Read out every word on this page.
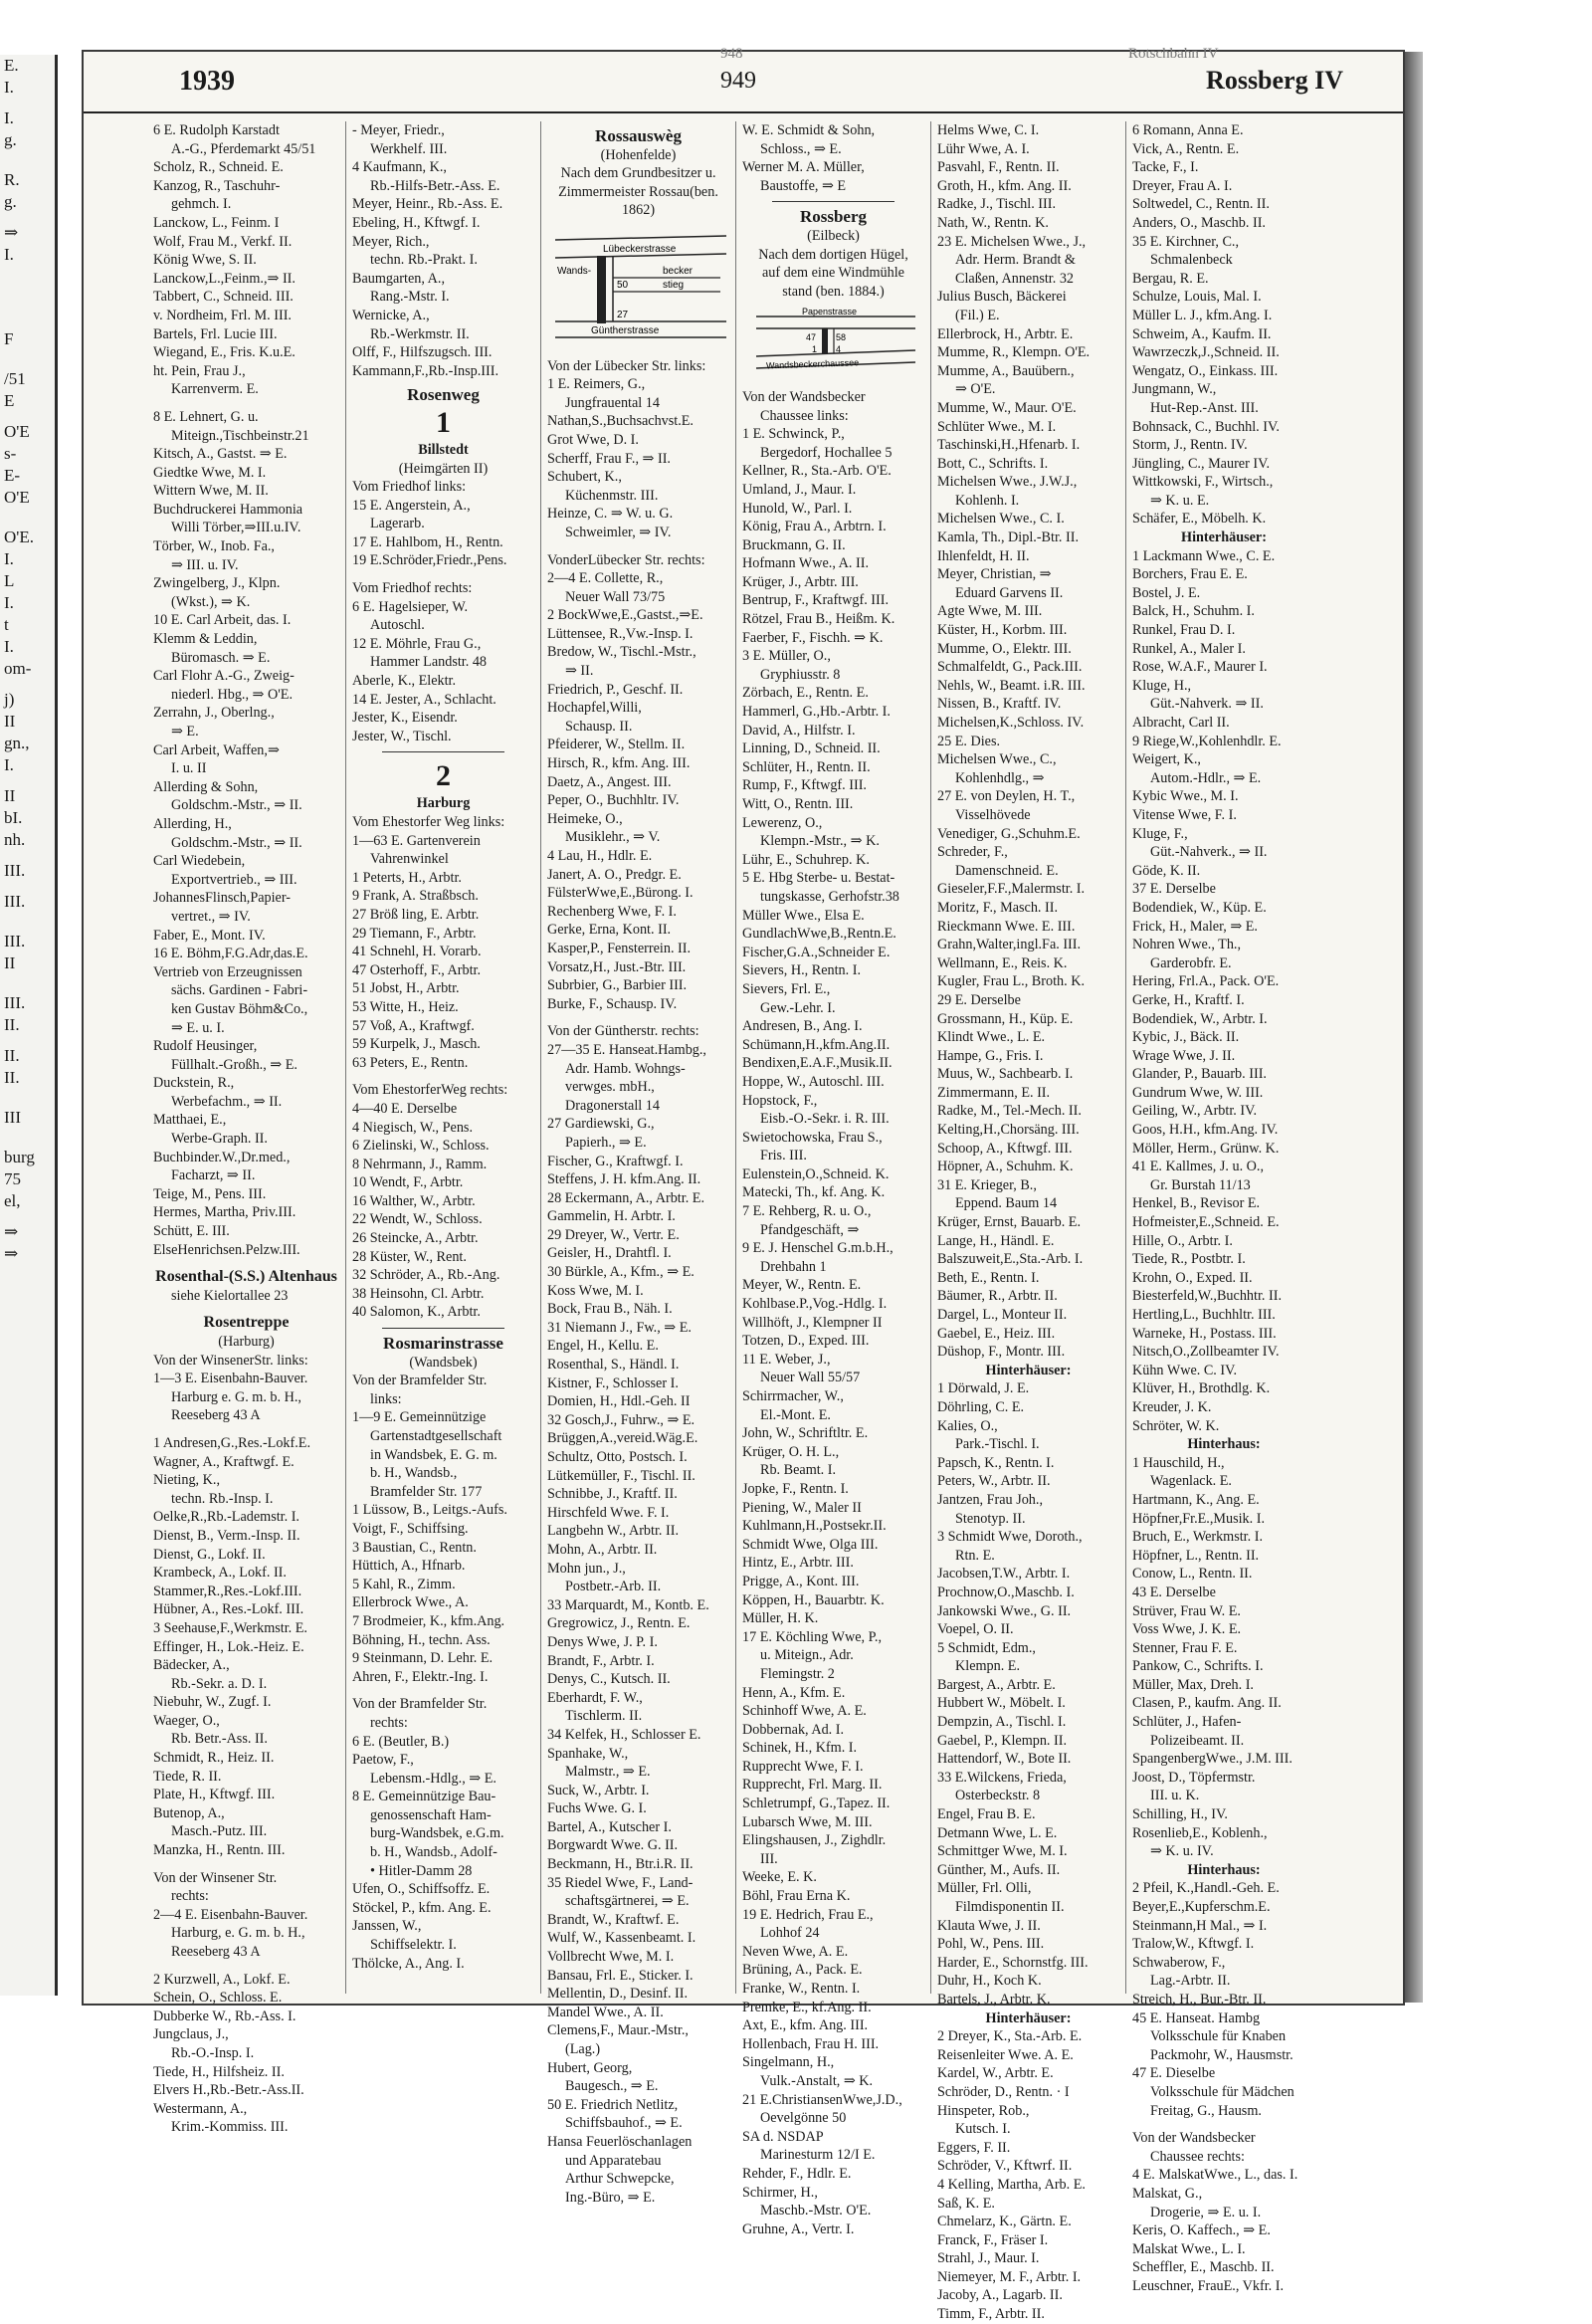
E.
I.
I.
g.
R.
g.
⇒
I.
F
/51
E
O'E
s-
E-
O'E
O'E.
I.
L
I.
t
I.
om-
j)
II
gn.,
I.
II
bI.
nh.
III.
III.
III.
II
III.
II.
II.
II.
III
burg
75
el,
⇒
⇒
948	Rotschbahn IV
1939	949	Rossberg IV
6 E. Rudolph Karstadt
A.-G., Pferdemarkt 45/51
Scholz, R., Schneid. E.
Kanzog, R., Taschuhr-
gehmch. I.
Lanckow, L., Feinm. I
Wolf, Frau M., Verkf. II.
König Wwe, S. II.
Lanckow,L.,Feinm.,⇒ II.
Tabbert, C., Schneid. III.
v. Nordheim, Frl. M. III.
Bartels, Frl. Lucie III.
Wiegand, E., Fris. K.u.E.
ht. Pein, Frau J.,
Karrenverm. E.
8 E. Lehnert, G. u.
Miteign.,Tischbeinstr.21
Kitsch, A., Gastst. ⇒ E.
Giedtke Wwe, M. I.
Wittern Wwe, M. II.
Buchdruckerei Hammonia
Willi Törber,⇒III.u.IV.
Törber, W., Inob. Fa.,
⇒ III. u. IV.
Zwingelberg, J., Klpn.
(Wkst.), ⇒ K.
10 E. Carl Arbeit, das. I.
Klemm & Leddin,
Büromasch. ⇒ E.
Carl Flohr A.-G., Zweig-
niederl. Hbg., ⇒ O'E.
Zerrahn, J., Oberlng.,
⇒ E.
Carl Arbeit, Waffen,⇒
I. u. II
Allerding & Sohn,
Goldschm.-Mstr., ⇒ II.
Allerding, H.,
Goldschm.-Mstr., ⇒ II.
Carl Wiedebein,
Exportvertrieb., ⇒ III.
JohannesFlinsch,Papier-
vertret., ⇒ IV.
Faber, E., Mont. IV.
16 E. Böhm,F.G.Adr,das.E.
Vertrieb von Erzeugnissen
sächs. Gardinen - Fabri-
ken Gustav Böhm&Co.,
⇒ E. u. I.
Rudolf Heusinger,
Füllhalt.-Großh., ⇒ E.
Duckstein, R.,
Werbefachm., ⇒ II.
Matthaei, E.,
Werbe-Graph. II.
Buchbinder.W.,Dr.med.,
Facharzt, ⇒ II.
Teige, M., Pens. III.
Hermes, Martha, Priv.III.
Schütt, E. III.
ElseHenrichsen.Pelzw.III.
Rosenthal-(S.S.) Altenhaus
siehe Kielortallee 23
Rosentreppe
(Harburg)
Von der WinsenerStr. links:
1—3 E. Eisenbahn-Bauver.
Harburg e. G. m. b. H.,
Reeseberg 43 A
1 Andresen,G.,Res.-Lokf.E.
Wagner, A., Kraftwgf. E.
Nieting, K.,
techn. Rb.-Insp. I.
Oelke,R.,Rb.-Lademstr. I.
Dienst, B., Verm.-Insp. II.
Dienst, G., Lokf. II.
Krambeck, A., Lokf. II.
Stammer,R.,Res.-Lokf.III.
Hübner, A., Res.-Lokf. III.
3 Seehause,F.,Werkmstr. E.
Effinger, H., Lok.-Heiz. E.
Bädecker, A.,
Rb.-Sekr. a. D. I.
Niebuhr, W., Zugf. I.
Waeger, O.,
Rb. Betr.-Ass. II.
Schmidt, R., Heiz. II.
Tiede, R. II.
Plate, H., Kftwgf. III.
Butenop, A.,
Masch.-Putz. III.
Manzka, H., Rentn. III.
Von der Winsener Str.
rechts:
2—4 E. Eisenbahn-Bauver.
Harburg, e. G. m. b. H.,
Reeseberg 43 A
2 Kurzwell, A., Lokf. E.
Schein, O., Schloss. E.
Dubberke W., Rb.-Ass. I.
Jungclaus, J.,
Rb.-O.-Insp. I.
Tiede, H., Hilfsheiz. II.
Elvers H.,Rb.-Betr.-Ass.II.
Westermann, A.,
Krim.-Kommiss. III.
- Meyer, Friedr.,
Werkhelf. III.
4 Kaufmann, K.,
Rb.-Hilfs-Betr.-Ass. E.
Meyer, Heinr., Rb.-Ass. E.
Ebeling, H., Kftwgf. I.
Meyer, Rich.,
techn. Rb.-Prakt. I.
Baumgarten, A.,
Rang.-Mstr. I.
Wernicke, A.,
Rb.-Werkmstr. II.
Olff, F., Hilfszugsch. III.
Kammann,F.,Rb.-Insp.III.
Rosenweg
1
Billstedt
(Heimgärten II)
Vom Friedhof links:
15 E. Angerstein, A.,
Lagerarb.
17 E. Hahlbom, H., Rentn.
19 E.Schröder,Friedr.,Pens.
Vom Friedhof rechts:
6 E. Hagelsieper, W.
Autoschl.
12 E. Möhrle, Frau G.,
Hammer Landstr. 48
Aberle, K., Elektr.
14 E. Jester, A., Schlacht.
Jester, K., Eisendr.
Jester, W., Tischl.
2
Harburg
Vom Ehestorfer Weg links:
1—63 E. Gartenverein
Vahrenwinkel
1 Peterts, H., Arbtr.
9 Frank, A. Straßbsch.
27 Bröß ling, E. Arbtr.
29 Tiemann, F., Arbtr.
41 Schnehl, H. Vorarb.
47 Osterhoff, F., Arbtr.
51 Jobst, H., Arbtr.
53 Witte, H., Heiz.
57 Voß, A., Kraftwgf.
59 Kurpelk, J., Masch.
63 Peters, E., Rentn.
Vom EhestorferWeg rechts:
4—40 E. Derselbe
4 Niegisch, W., Pens.
6 Zielinski, W., Schloss.
8 Nehrmann, J., Ramm.
10 Wendt, F., Arbtr.
16 Walther, W., Arbtr.
22 Wendt, W., Schloss.
26 Steincke, A., Arbtr.
28 Küster, W., Rent.
32 Schröder, A., Rb.-Ang.
38 Heinsohn, Cl. Arbtr.
40 Salomon, K., Arbtr.
Rosmarinstrasse
(Wandsbek)
Von der Bramfelder Str.
links:
1—9 E. Gemeinnützige
Gartenstadtgesellschaft
in Wandsbek, E. G. m.
b. H., Wandsb.,
Bramfelder Str. 177
1 Lüssow, B., Leitgs.-Aufs.
Voigt, F., Schiffsing.
3 Baustian, C., Rentn.
Hüttich, A., Hfnarb.
5 Kahl, R., Zimm.
Ellerbrock Wwe., A.
7 Brodmeier, K., kfm.Ang.
Böhning, H., techn. Ass.
9 Steinmann, D. Lehr. E.
Ahren, F., Elektr.-Ing. I.
Von der Bramfelder Str.
rechts:
6 E. (Beutler, B.)
Paetow, F.,
Lebensm.-Hdlg., ⇒ E.
8 E. Gemeinnützige Bau-
genossenschaft Ham-
burg-Wandsbek, e.G.m.
b. H., Wandsb., Adolf-
• Hitler-Damm 28
Ufen, O., Schiffsoffz. E.
Stöckel, P., kfm. Ang. E.
Janssen, W.,
Schiffselektr. I.
Thölcke, A., Ang. I.
Rossauswèg
(Hohenfelde)
Nach dem Grundbesitzer u.
Zimmermeister Rossau(ben.
1862)
Lübeckerstrasse
Wands-	becker
stieg
50
27
Güntherstrasse
Von der Lübecker Str. links:
1 E. Reimers, G.,
Jungfrauental 14
Nathan,S.,Buchsachvst.E.
Grot Wwe, D. I.
Scherff, Frau F., ⇒ II.
Schubert, K.,
Küchenmstr. III.
Heinze, C. ⇒ W. u. G.
Schweimler, ⇒ IV.
VonderLübecker Str. rechts:
2—4 E. Collette, R.,
Neuer Wall 73/75
2 BockWwe,E.,Gastst.,⇒E.
Lüttensee, R.,Vw.-Insp. I.
Bredow, W., Tischl.-Mstr.,
⇒ II.
Friedrich, P., Geschf. II.
Hochapfel,Willi,
Schausp. II.
Pfeiderer, W., Stellm. II.
Hirsch, R., kfm. Ang. III.
Daetz, A., Angest. III.
Peper, O., Buchhltr. IV.
Heimeke, O.,
Musiklehr., ⇒ V.
4 Lau, H., Hdlr. E.
Janert, A. O., Predgr. E.
FülsterWwe,E.,Bürong. I.
Rechenberg Wwe, F. I.
Gerke, Erna, Kont. II.
Kasper,P., Fensterrein. II.
Vorsatz,H., Just.-Btr. III.
Subrbier, G., Barbier III.
Burke, F., Schausp. IV.
Von der Güntherstr. rechts:
27—35 E. Hanseat.Hambg.,
Adr. Hamb. Wohngs-
verwges. mbH.,
Dragonerstall 14
27 Gardiewski, G.,
Papierh., ⇒ E.
Fischer, G., Kraftwgf. I.
Steffens, J. H. kfm.Ang. II.
28 Eckermann, A., Arbtr. E.
Gammelin, H. Arbtr. I.
29 Dreyer, W., Vertr. E.
Geisler, H., Drahtfl. I.
30 Bürkle, A., Kfm., ⇒ E.
Koss Wwe, M. I.
Bock, Frau B., Näh. I.
31 Niemann J., Fw., ⇒ E.
Engel, H., Kellu. E.
Rosenthal, S., Händl. I.
Kistner, F., Schlosser I.
Domien, H., Hdl.-Geh. II
32 Gosch,J., Fuhrw., ⇒ E.
Brüggen,A.,vereid.Wäg.E.
Schultz, Otto, Postsch. I.
Lütkemüller, F., Tischl. II.
Schnibbe, J., Kraftf. II.
Hirschfeld Wwe. F. I.
Langbehn W., Arbtr. II.
Mohn, A., Arbtr. II.
Mohn jun., J.,
Postbetr.-Arb. II.
33 Marquardt, M., Kontb. E.
Gregrowicz, J., Rentn. E.
Denys Wwe, J. P. I.
Brandt, F., Arbtr. I.
Denys, C., Kutsch. II.
Eberhardt, F. W.,
Tischlerm. II.
34 Kelfek, H., Schlosser E.
Spanhake, W.,
Malmstr., ⇒ E.
Suck, W., Arbtr. I.
Fuchs Wwe. G. I.
Bartel, A., Kutscher I.
Borgwardt Wwe. G. II.
Beckmann, H., Btr.i.R. II.
35 Riedel Wwe, F., Land-
schaftsgärtnerei, ⇒ E.
Brandt, W., Kraftwf. E.
Wulf, W., Kassenbeamt. I.
Vollbrecht Wwe, M. I.
Bansau, Frl. E., Sticker. I.
Mellentin, D., Desinf. II.
Mandel Wwe., A. II.
Clemens,F., Maur.-Mstr.,
(Lag.)
Hubert, Georg,
Baugesch., ⇒ E.
50 E. Friedrich Netlitz,
Schiffsbauhof., ⇒ E.
Hansa Feuerlöschanlagen
und Apparatebau
Arthur Schwepcke,
Ing.-Büro, ⇒ E.
W. E. Schmidt & Sohn,
Schloss., ⇒ E.
Werner M. A. Müller,
Baustoffe, ⇒ E
Rossberg
(Eilbeck)
Nach dem dortigen Hügel,
auf dem eine Windmühle
stand (ben. 1884.)
Papenstrasse
47 58
1 4
Wandsbeckerchaussee
Von der Wandsbecker
Chaussee links:
1 E. Schwinck, P.,
Bergedorf, Hochallee 5
Kellner, R., Sta.-Arb. O'E.
Umland, J., Maur. I.
Hunold, W., Parl. I.
König, Frau A., Arbtrn. I.
Bruckmann, G. II.
Hofmann Wwe., A. II.
Krüger, J., Arbtr. III.
Bentrup, F., Kraftwgf. III.
Rötzel, Frau B., Heißm. K.
Faerber, F., Fischh. ⇒ K.
3 E. Müller, O.,
Gryphiusstr. 8
Zörbach, E., Rentn. E.
Hammerl, G.,Hb.-Arbtr. I.
David, A., Hilfstr. I.
Linning, D., Schneid. II.
Schlüter, H., Rentn. II.
Rump, F., Kftwgf. III.
Witt, O., Rentn. III.
Lewerenz, O.,
Klempn.-Mstr., ⇒ K.
Lühr, E., Schuhrep. K.
5 E. Hbg Sterbe- u. Bestat-
tungskasse, Gerhofstr.38
Müller Wwe., Elsa E.
GundlachWwe,B.,Rentn.E.
Fischer,G.A.,Schneider E.
Sievers, H., Rentn. I.
Sievers, Frl. E.,
Gew.-Lehr. I.
Andresen, B., Ang. I.
Schümann,H.,kfm.Ang.II.
Bendixen,E.A.F.,Musik.II.
Hoppe, W., Autoschl. III.
Hopstock, F.,
Eisb.-O.-Sekr. i. R. III.
Swietochowska, Frau S.,
Fris. III.
Eulenstein,O.,Schneid. K.
Matecki, Th., kf. Ang. K.
7 E. Rehberg, R. u. O.,
Pfandgeschäft, ⇒
9 E. J. Henschel G.m.b.H.,
Drehbahn 1
Meyer, W., Rentn. E.
Kohlbase.P.,Vog.-Hdlg. I.
Willhöft, J., Klempner II
Totzen, D., Exped. III.
11 E. Weber, J.,
Neuer Wall 55/57
Schirrmacher, W.,
El.-Mont. E.
John, W., Schriftltr. E.
Krüger, O. H. L.,
Rb. Beamt. I.
Jopke, F., Rentn. I.
Piening, W., Maler II
Kuhlmann,H.,Postsekr.II.
Schmidt Wwe, Olga III.
Hintz, E., Arbtr. III.
Prigge, A., Kont. III.
Köppen, H., Bauarbtr. K.
Müller, H. K.
17 E. Köchling Wwe, P.,
u. Miteign., Adr.
Flemingstr. 2
Henn, A., Kfm. E.
Schinhoff Wwe, A. E.
Dobbernak, Ad. I.
Schinek, H., Kfm. I.
Rupprecht Wwe, F. I.
Rupprecht, Frl. Marg. II.
Schletrumpf, G.,Tapez. II.
Lubarsch Wwe, M. III.
Elingshausen, J., Zighdlr.
III.
Weeke, E. K.
Böhl, Frau Erna K.
19 E. Hedrich, Frau E.,
Lohhof 24
Neven Wwe, A. E.
Brüning, A., Pack. E.
Franke, W., Rentn. I.
Premke, E., kf.Ang. II.
Axt, E., kfm. Ang. III.
Hollenbach, Frau H. III.
Singelmann, H.,
Vulk.-Anstalt, ⇒ K.
21 E.ChristiansenWwe,J.D.,
Oevelgönne 50
SA d. NSDAP
Marinesturm 12/I E.
Rehder, F., Hdlr. E.
Schirmer, H.,
Maschb.-Mstr. O'E.
Gruhne, A., Vertr. I.
Helms Wwe, C. I.
Lühr Wwe, A. I.
Pasvahl, F., Rentn. II.
Groth, H., kfm. Ang. II.
Radke, J., Tischl. III.
Nath, W., Rentn. K.
23 E. Michelsen Wwe., J.,
Adr. Herm. Brandt &
Claßen, Annenstr. 32
Julius Busch, Bäckerei
(Fil.) E.
Ellerbrock, H., Arbtr. E.
Mumme, R., Klempn. O'E.
Mumme, A., Bauübern.,
⇒ O'E.
Mumme, W., Maur. O'E.
Schlüter Wwe., M. I.
Taschinski,H.,Hfenarb. I.
Bott, C., Schrifts. I.
Michelsen Wwe., J.W.J.,
Kohlenh. I.
Michelsen Wwe., C. I.
Kamla, Th., Dipl.-Btr. II.
Ihlenfeldt, H. II.
Meyer, Christian, ⇒
Eduard Garvens II.
Agte Wwe, M. III.
Küster, H., Korbm. III.
Mumme, O., Elektr. III.
Schmalfeldt, G., Pack.III.
Nehls, W., Beamt. i.R. III.
Nissen, B., Kraftf. IV.
Michelsen,K.,Schloss. IV.
25 E. Dies.
Michelsen Wwe., C.,
Kohlenhdlg., ⇒
27 E. von Deylen, H. T.,
Visselhövede
Venediger, G.,Schuhm.E.
Schreder, F.,
Damenschneid. E.
Gieseler,F.F.,Malermstr. I.
Moritz, F., Masch. II.
Rieckmann Wwe. E. III.
Grahn,Walter,ingl.Fa. III.
Wellmann, E., Reis. K.
Kugler, Frau L., Broth. K.
29 E. Derselbe
Grossmann, H., Küp. E.
Klindt Wwe., L. E.
Hampe, G., Fris. I.
Muus, W., Sachbearb. I.
Zimmermann, E. II.
Radke, M., Tel.-Mech. II.
Kelting,H.,Chorsäng. III.
Schoop, A., Kftwgf. III.
Höpner, A., Schuhm. K.
31 E. Krieger, B.,
Eppend. Baum 14
Krüger, Ernst, Bauarb. E.
Lange, H., Händl. E.
Balszuweit,E.,Sta.-Arb. I.
Beth, E., Rentn. I.
Bäumer, R., Arbtr. II.
Dargel, L., Monteur II.
Gaebel, E., Heiz. III.
Düshop, F., Montr. III.
Hinterhäuser:
1 Dörwald, J. E.
Döhrling, C. E.
Kalies, O.,
Park.-Tischl. I.
Papsch, K., Rentn. I.
Peters, W., Arbtr. II.
Jantzen, Frau Joh.,
Stenotyp. II.
3 Schmidt Wwe, Doroth.,
Rtn. E.
Jacobsen,T.W., Arbtr. I.
Prochnow,O.,Maschb. I.
Jankowski Wwe., G. II.
Voepel, O. II.
5 Schmidt, Edm.,
Klempn. E.
Bargest, A., Arbtr. E.
Hubbert W., Möbelt. I.
Dempzin, A., Tischl. I.
Gaebel, P., Klempn. II.
Hattendorf, W., Bote II.
33 E.Wilckens, Frieda,
Osterbeckstr. 8
Engel, Frau B. E.
Detmann Wwe, L. E.
Schmittger Wwe, M. I.
Günther, M., Aufs. II.
Müller, Frl. Olli,
Filmdisponentin II.
Klauta Wwe, J. II.
Pohl, W., Pens. III.
Harder, E., Schornstfg. III.
Duhr, H., Koch K.
Bartels, J., Arbtr. K.
Hinterhäuser:
2 Dreyer, K., Sta.-Arb. E.
Reisenleiter Wwe. A. E.
Kardel, W., Arbtr. E.
Schröder, D., Rentn. · I
Hinspeter, Rob.,
Kutsch. I.
Eggers, F. II.
Schröder, V., Kftwrf. II.
4 Kelling, Martha, Arb. E.
Saß, K. E.
Chmelarz, K., Gärtn. E.
Franck, F., Fräser I.
Strahl, J., Maur. I.
Niemeyer, M. F., Arbtr. I.
Jacoby, A., Lagarb. II.
Timm, F., Arbtr. II.
6 Romann, Anna E.
Vick, A., Rentn. E.
Tacke, F., I.
Dreyer, Frau A. I.
Soltwedel, C., Rentn. II.
Anders, O., Maschb. II.
35 E. Kirchner, C.,
Schmalenbeck
Bergau, R. E.
Schulze, Louis, Mal. I.
Müller L. J., kfm.Ang. I.
Schweim, A., Kaufm. II.
Wawrzeczk,J.,Schneid. II.
Wengatz, O., Einkass. III.
Jungmann, W.,
Hut-Rep.-Anst. III.
Bohnsack, C., Buchhl. IV.
Storm, J., Rentn. IV.
Jüngling, C., Maurer IV.
Wittkowski, F., Wirtsch.,
⇒ K. u. E.
Schäfer, E., Möbelh. K.
Hinterhäuser:
1 Lackmann Wwe., C. E.
Borchers, Frau E. E.
Bostel, J. E.
Balck, H., Schuhm. I.
Runkel, Frau D. I.
Runkel, A., Maler I.
Rose, W.A.F., Maurer I.
Kluge, H.,
Güt.-Nahverk. ⇒ II.
Albracht, Carl II.
9 Riege,W.,Kohlenhdlr. E.
Weigert, K.,
Autom.-Hdlr., ⇒ E.
Kybic Wwe., M. I.
Vitense Wwe, F. I.
Kluge, F.,
Güt.-Nahverk., ⇒ II.
Göde, K. II.
37 E. Derselbe
Bodendiek, W., Küp. E.
Frick, H., Maler, ⇒ E.
Nohren Wwe., Th.,
Garderobfr. E.
Hering, Frl.A., Pack. O'E.
Gerke, H., Kraftf. I.
Bodendiek, W., Arbtr. I.
Kybic, J., Bäck. II.
Wrage Wwe, J. II.
Glander, P., Bauarb. III.
Gundrum Wwe, W. III.
Geiling, W., Arbtr. IV.
Goos, H.H., kfm.Ang. IV.
Möller, Herm., Grünw. K.
41 E. Kallmes, J. u. O.,
Gr. Burstah 11/13
Henkel, B., Revisor E.
Hofmeister,E.,Schneid. E.
Hille, O., Arbtr. I.
Tiede, R., Postbtr. I.
Krohn, O., Exped. II.
Biesterfeld,W.,Buchhtr. II.
Hertling,L., Buchhltr. III.
Warneke, H., Postass. III.
Nitsch,O.,Zollbeamter IV.
Kühn Wwe. C. IV.
Klüver, H., Brothdlg. K.
Kreuder, J. K.
Schröter, W. K.
Hinterhaus:
1 Hauschild, H.,
Wagenlack. E.
Hartmann, K., Ang. E.
Höpfner,Fr.E.,Musik. I.
Bruch, E., Werkmstr. I.
Höpfner, L., Rentn. II.
Conow, L., Rentn. II.
43 E. Derselbe
Strüver, Frau W. E.
Voss Wwe, J. K. E.
Stenner, Frau F. E.
Pankow, C., Schrifts. I.
Müller, Max, Dreh. I.
Clasen, P., kaufm. Ang. II.
Schlüter, J., Hafen-
Polizeibeamt. II.
SpangenbergWwe., J.M. III.
Joost, D., Töpfermstr.
III. u. K.
Schilling, H., IV.
Rosenlieb,E., Koblenh.,
⇒ K. u. IV.
Hinterhaus:
2 Pfeil, K.,Handl.-Geh. E.
Beyer,E.,Kupferschm.E.
Steinmann,H Mal., ⇒ I.
Tralow,W., Kftwgf. I.
Schwaberow, F.,
Lag.-Arbtr. II.
Streich, H., Bur.-Btr. II.
45 E. Hanseat. Hambg
Volksschule für Knaben
Packmohr, W., Hausmstr.
47 E. Dieselbe
Volksschule für Mädchen
Freitag, G., Hausm.
Von der Wandsbecker
Chaussee rechts:
4 E. MalskatWwe., L., das. I.
Malskat, G.,
Drogerie, ⇒ E. u. I.
Keris, O. Kaffech., ⇒ E.
Malskat Wwe., L. I.
Scheffler, E., Maschb. II.
Leuschner, FrauE., Vkfr. I.
